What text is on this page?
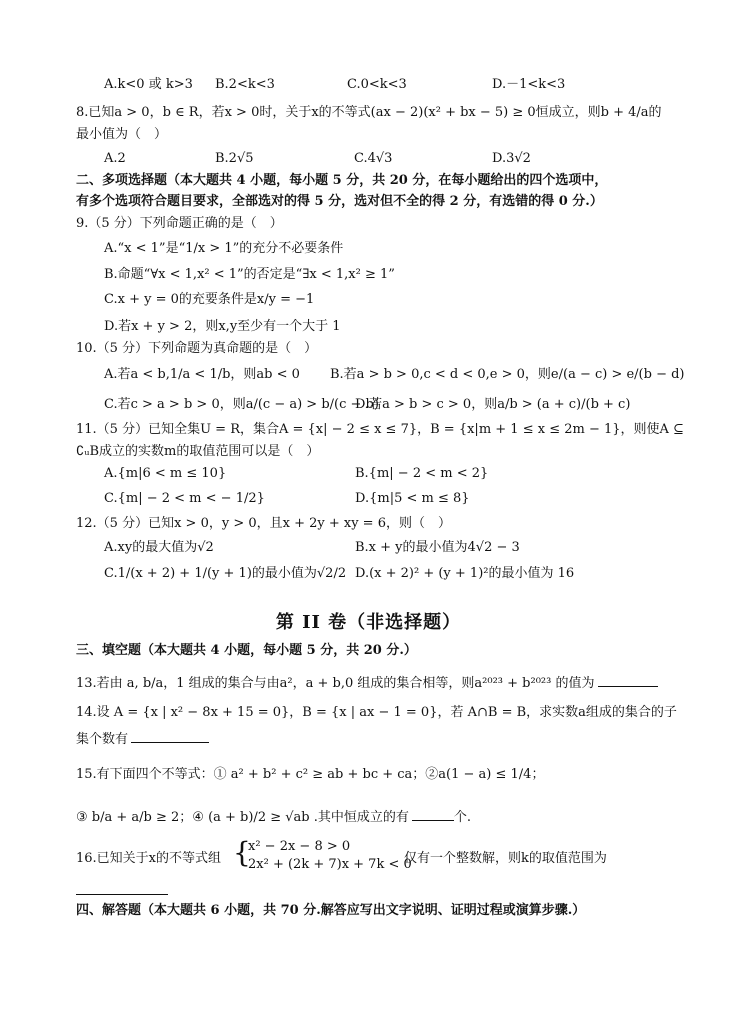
A.k<0 或 k>3 B.2<k<3	C.0<k<3	D.－1<k<3
8.已知a > 0，b ∈ R，若x > 0时，关于x的不等式(ax − 2)(x² + bx − 5) ≥ 0恒成立，则b + 4/a的
最小值为（　）
A.2	B.2√5	C.4√3	D.3√2
二、多项选择题（本大题共 4 小题，每小题 5 分，共 20 分，在每小题给出的四个选项中，
有多个选项符合题目要求，全部选对的得 5 分，选对但不全的得 2 分，有选错的得 0 分.）
9.（5 分）下列命题正确的是（　）
A.“x < 1”是“1/x > 1”的充分不必要条件
B.命题“∀x < 1,x² < 1”的否定是“∃x < 1,x² ≥ 1”
C.x + y = 0的充要条件是x/y = −1
D.若x + y > 2，则x,y至少有一个大于 1
10.（5 分）下列命题为真命题的是（　）
A.若a < b,1/a < 1/b，则ab < 0 B.若a > b > 0,c < d < 0,e > 0，则e/(a − c) > e/(b − d)
C.若c > a > b > 0，则a/(c − a) > b/(c − b)
D.若a > b > c > 0，则a/b > (a + c)/(b + c)
11.（5 分）已知全集U = R，集合A = {x| − 2 ≤ x ≤ 7}，B = {x|m + 1 ≤ x ≤ 2m − 1}，则使A ⊆
∁ᵤB成立的实数m的取值范围可以是（　）
A.{m|6 < m ≤ 10}	B.{m| − 2 < m < 2}
C.{m| − 2 < m < − 1/2}	D.{m|5 < m ≤ 8}
12.（5 分）已知x > 0，y > 0，且x + 2y + xy = 6，则（　）
A.xy的最大值为√2	B.x + y的最小值为4√2 − 3
C.1/(x + 2) + 1/(y + 1)的最小值为√2/2 D.(x + 2)² + (y + 1)²的最小值为 16
第 II 卷（非选择题）
三、填空题（本大题共 4 小题，每小题 5 分，共 20 分.）
13.若由 a, b/a，1 组成的集合与由a²，a + b,0 组成的集合相等，则a²⁰²³ + b²⁰²³ 的值为
14.设 A = {x | x² − 8x + 15 = 0}，B = {x | ax − 1 = 0}，若 A∩B = B，求实数a组成的集合的子
集个数有
15.有下面四个不等式：① a² + b² + c² ≥ ab + bc + ca；②a(1 − a) ≤ 1/4；
③ b/a + a/b ≥ 2；④ (a + b)/2 ≥ √ab .其中恒成立的有	个.
16.已知关于x的不等式组 {
x² − 2x − 8 > 0
2x² + (2k + 7)x + 7k < 0
仅有一个整数解，则k的取值范围为
四、解答题（本大题共 6 小题，共 70 分.解答应写出文字说明、证明过程或演算步骤.）
